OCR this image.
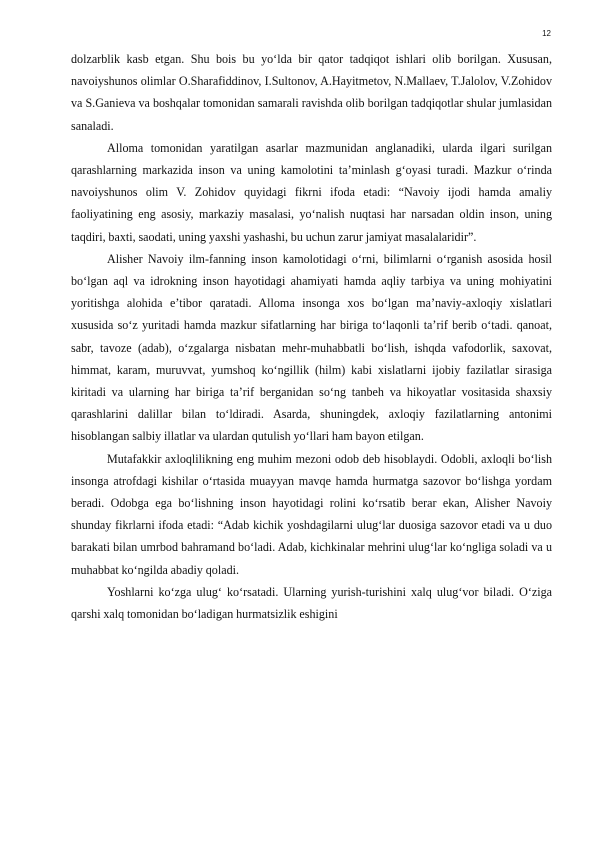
12

dolzarblik kasb etgan. Shu bois bu yo‘lda bir qator tadqiqot ishlari olib borilgan. Xususan, navoiyshunos olimlar O.Sharafiddinov, I.Sultonov, A.Hayitmetov, N.Mallaev, T.Jalolov, V.Zohidov va S.Ganieva va boshqalar tomonidan samarali ravishda olib borilgan tadqiqotlar shular jumlasidan sanaladi.

Alloma tomonidan yaratilgan asarlar mazmunidan anglanadiki, ularda ilgari surilgan qarashlarning markazida inson va uning kamolotini ta’minlash g‘oyasi turadi. Mazkur o‘rinda navoiyshunos olim V. Zohidov quyidagi fikrni ifoda etadi: “Navoiy ijodi hamda amaliy faoliyatining eng asosiy, markaziy masalasi, yo‘nalish nuqtasi har narsadan oldin inson, uning taqdiri, baxti, saodati, uning yaxshi yashashi, bu uchun zarur jamiyat masalalaridir”.

Alisher Navoiy ilm-fanning inson kamolotidagi o‘rni, bilimlarni o‘rganish asosida hosil bo‘lgan aql va idrokning inson hayotidagi ahamiyati hamda aqliy tarbiya va uning mohiyatini yoritishga alohida e’tibor qaratadi. Alloma insonga xos bo‘lgan ma’naviy-axloqiy xislatlari xususida so‘z yuritadi hamda mazkur sifatlarning har biriga to‘laqonli ta’rif berib o‘tadi. qanoat, sabr, tavoze (adab), o‘zgalarga nisbatan mehr-muhabbatli bo‘lish, ishqda vafodorlik, saxovat, himmat, karam, muruvvat, yumshoq ko‘ngillik (hilm) kabi xislatlarni ijobiy fazilatlar sirasiga kiritadi va ularning har biriga ta’rif berganidan so‘ng tanbeh va hikoyatlar vositasida shaxsiy qarashlarini dalillar bilan to‘ldiradi. Asarda, shuningdek, axloqiy fazilatlarning antonimi hisoblangan salbiy illatlar va ulardan qutulish yo‘llari ham bayon etilgan.

Mutafakkir axloqlilikning eng muhim mezoni odob deb hisoblaydi. Odobli, axloqli bo‘lish insonga atrofdagi kishilar o‘rtasida muayyan mavqe hamda hurmatga sazovor bo‘lishga yordam beradi. Odobga ega bo‘lishning inson hayotidagi rolini ko‘rsatib berar ekan, Alisher Navoiy shunday fikrlarni ifoda etadi: “Adab kichik yoshdagilarni ulug‘lar duosiga sazovor etadi va u duo barakati bilan umrbod bahramand bo‘ladi. Adab, kichkinalar mehrini ulug‘lar ko‘ngliga soladi va u muhabbat ko‘ngilda abadiy qoladi.

Yoshlarni ko‘zga ulug‘ ko‘rsatadi. Ularning yurish-turishini xalq ulug‘vor biladi. O‘ziga qarshi xalq tomonidan bo‘ladigan hurmatsizlik eshigini
